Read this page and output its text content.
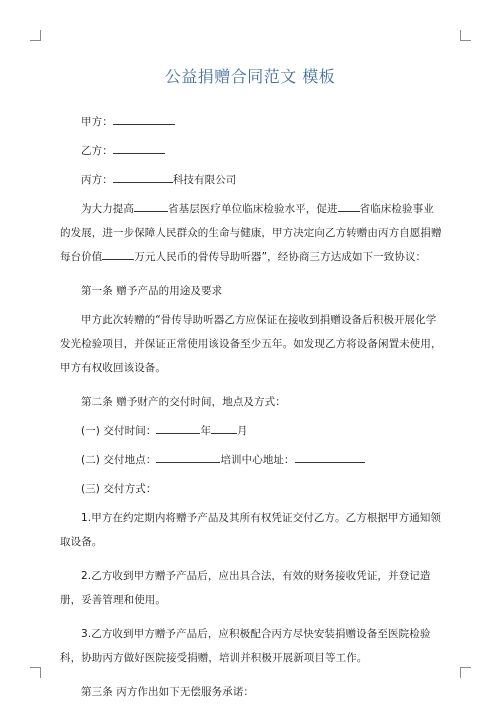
公益捐赠合同范文 模板

甲方：

乙方：

丙方：	科技有限公司

为大力提高	省基层医疗单位临床检验水平，促进 省临床检验事业的发展，进一步保障人民群众的生命与健康，甲方决定向乙方转赠由丙方自愿捐赠每台价值	万元人民币的骨传导助听器”，经协商三方达成如下一致协议：

第一条 赠予产品的用途及要求

甲方此次转赠的“骨传导助听器乙方应保证在接收到捐赠设备后积极开展化学发光检验项目，并保证正常使用该设备至少五年。如发现乙方将设备闲置未使用，甲方有权收回该设备。

第二条 赠予财产的交付时间，地点及方式：

(一) 交付时间：	年 月

(二) 交付地点：	培训中心地址：

(三) 交付方式：

1.甲方在约定期内将赠予产品及其所有权凭证交付乙方。乙方根据甲方通知领取设备。

2.乙方收到甲方赠予产品后，应出具合法，有效的财务接收凭证，并登记造册，妥善管理和使用。

3.乙方收到甲方赠予产品后，应积极配合丙方尽快安装捐赠设备至医院检验科，协助丙方做好医院接受捐赠，培训并积极开展新项目等工作。

第三条 丙方作出如下无偿服务承诺：
